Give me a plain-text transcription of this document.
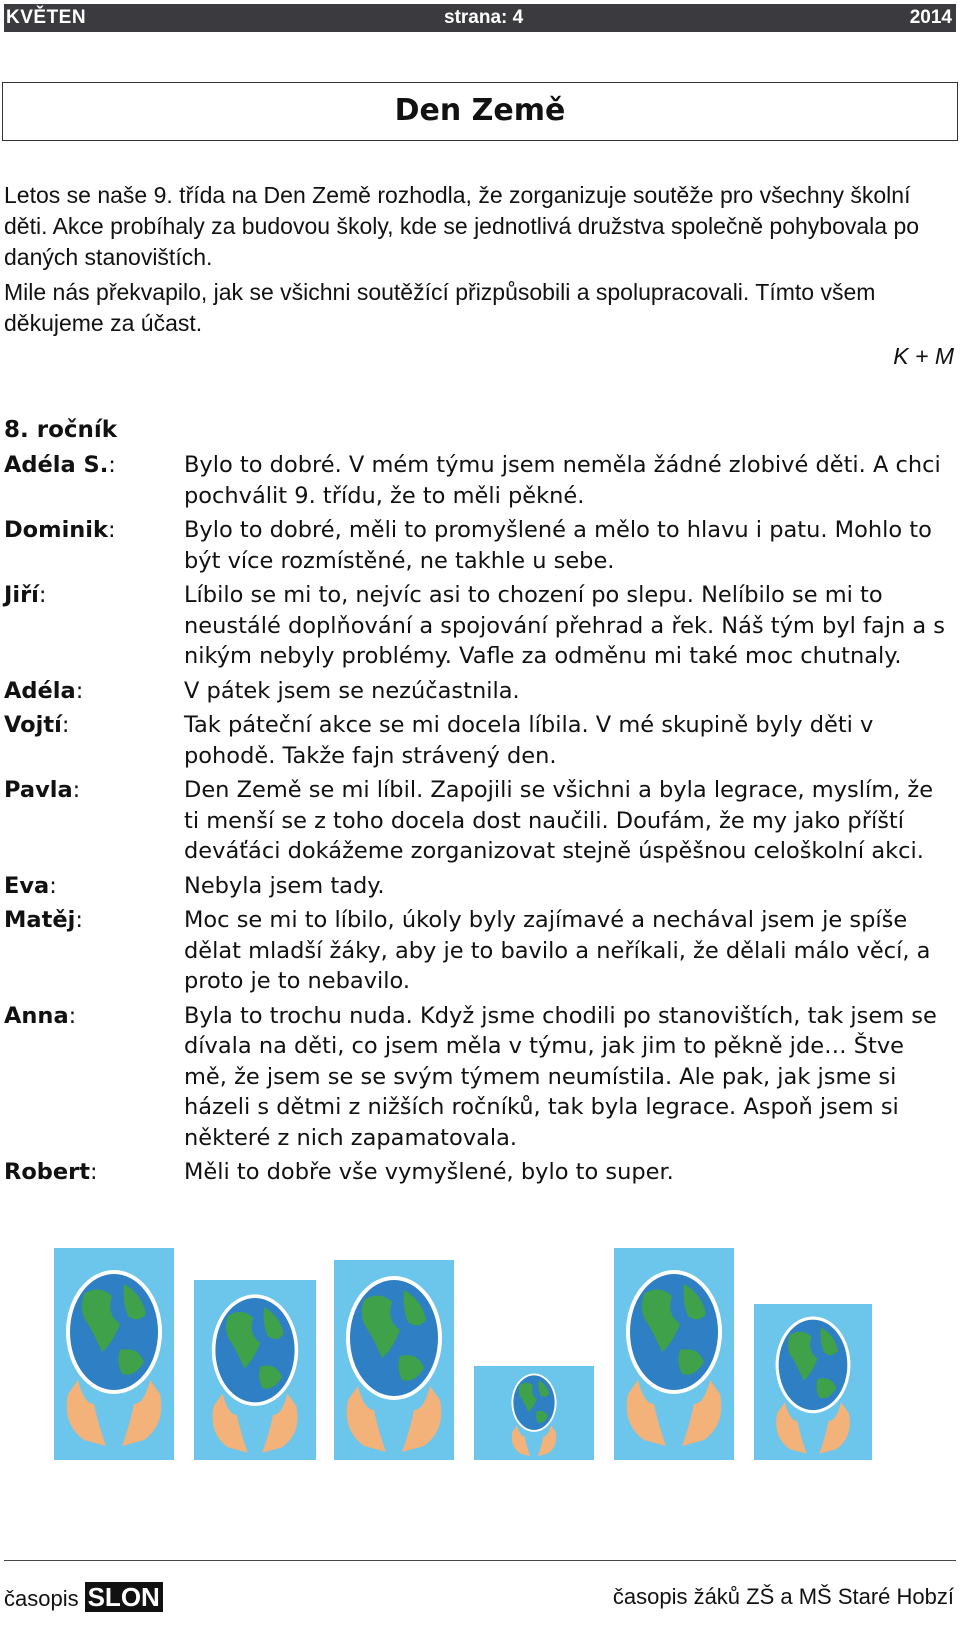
KVĚTEN	strana: 4	2014
Den Země

Letos se naše 9. třída na Den Země rozhodla, že zorganizuje soutěže pro všechny školní děti. Akce probíhaly za budovou školy, kde se jednotlivá družstva společně pohybovala po daných stanovištích.

Mile nás překvapilo, jak se všichni soutěžící přizpůsobili a spolupracovali. Tímto všem děkujeme za účast.

K + M
8. ročník
Adéla S.:	Bylo to dobré. V mém týmu jsem neměla žádné zlobivé děti. A chci pochválit 9. třídu, že to měli pěkné.
Dominik:	Bylo to dobré, měli to promyšlené a mělo to hlavu i patu. Mohlo to být více rozmístěné, ne takhle u sebe.
Jiří:	Líbilo se mi to, nejvíc asi to chození po slepu. Nelíbilo se mi to neustálé doplňování a spojování přehrad a řek. Náš tým byl fajn a s nikým nebyly problémy. Vafle za odměnu mi také moc chutnaly.
Adéla:	V pátek jsem se nezúčastnila.
Vojtí:	Tak páteční akce se mi docela líbila. V mé skupině byly děti v pohodě. Takže fajn strávený den.
Pavla:	Den Země se mi líbil. Zapojili se všichni a byla legrace, myslím, že ti menší se z toho docela dost naučili. Doufám, že my jako příští deváťáci dokážeme zorganizovat stejně úspěšnou celoškolní akci.
Eva:	Nebyla jsem tady.
Matěj:	Moc se mi to líbilo, úkoly byly zajímavé a nechával jsem je spíše dělat mladší žáky, aby je to bavilo a neříkali, že dělali málo věcí, a proto je to nebavilo.
Anna:	Byla to trochu nuda. Když jsme chodili po stanovištích, tak jsem se dívala na děti, co jsem měla v týmu, jak jim to pěkně jde… Štve mě, že jsem se se svým týmem neumístila. Ale pak, jak jsme si házeli s dětmi z nižších ročníků, tak byla legrace. Aspoň jsem si některé z nich zapamatovala.
Robert:	Měli to dobře vše vymyšlené, bylo to super.
časopis SLON	časopis žáků ZŠ a MŠ Staré Hobzí
